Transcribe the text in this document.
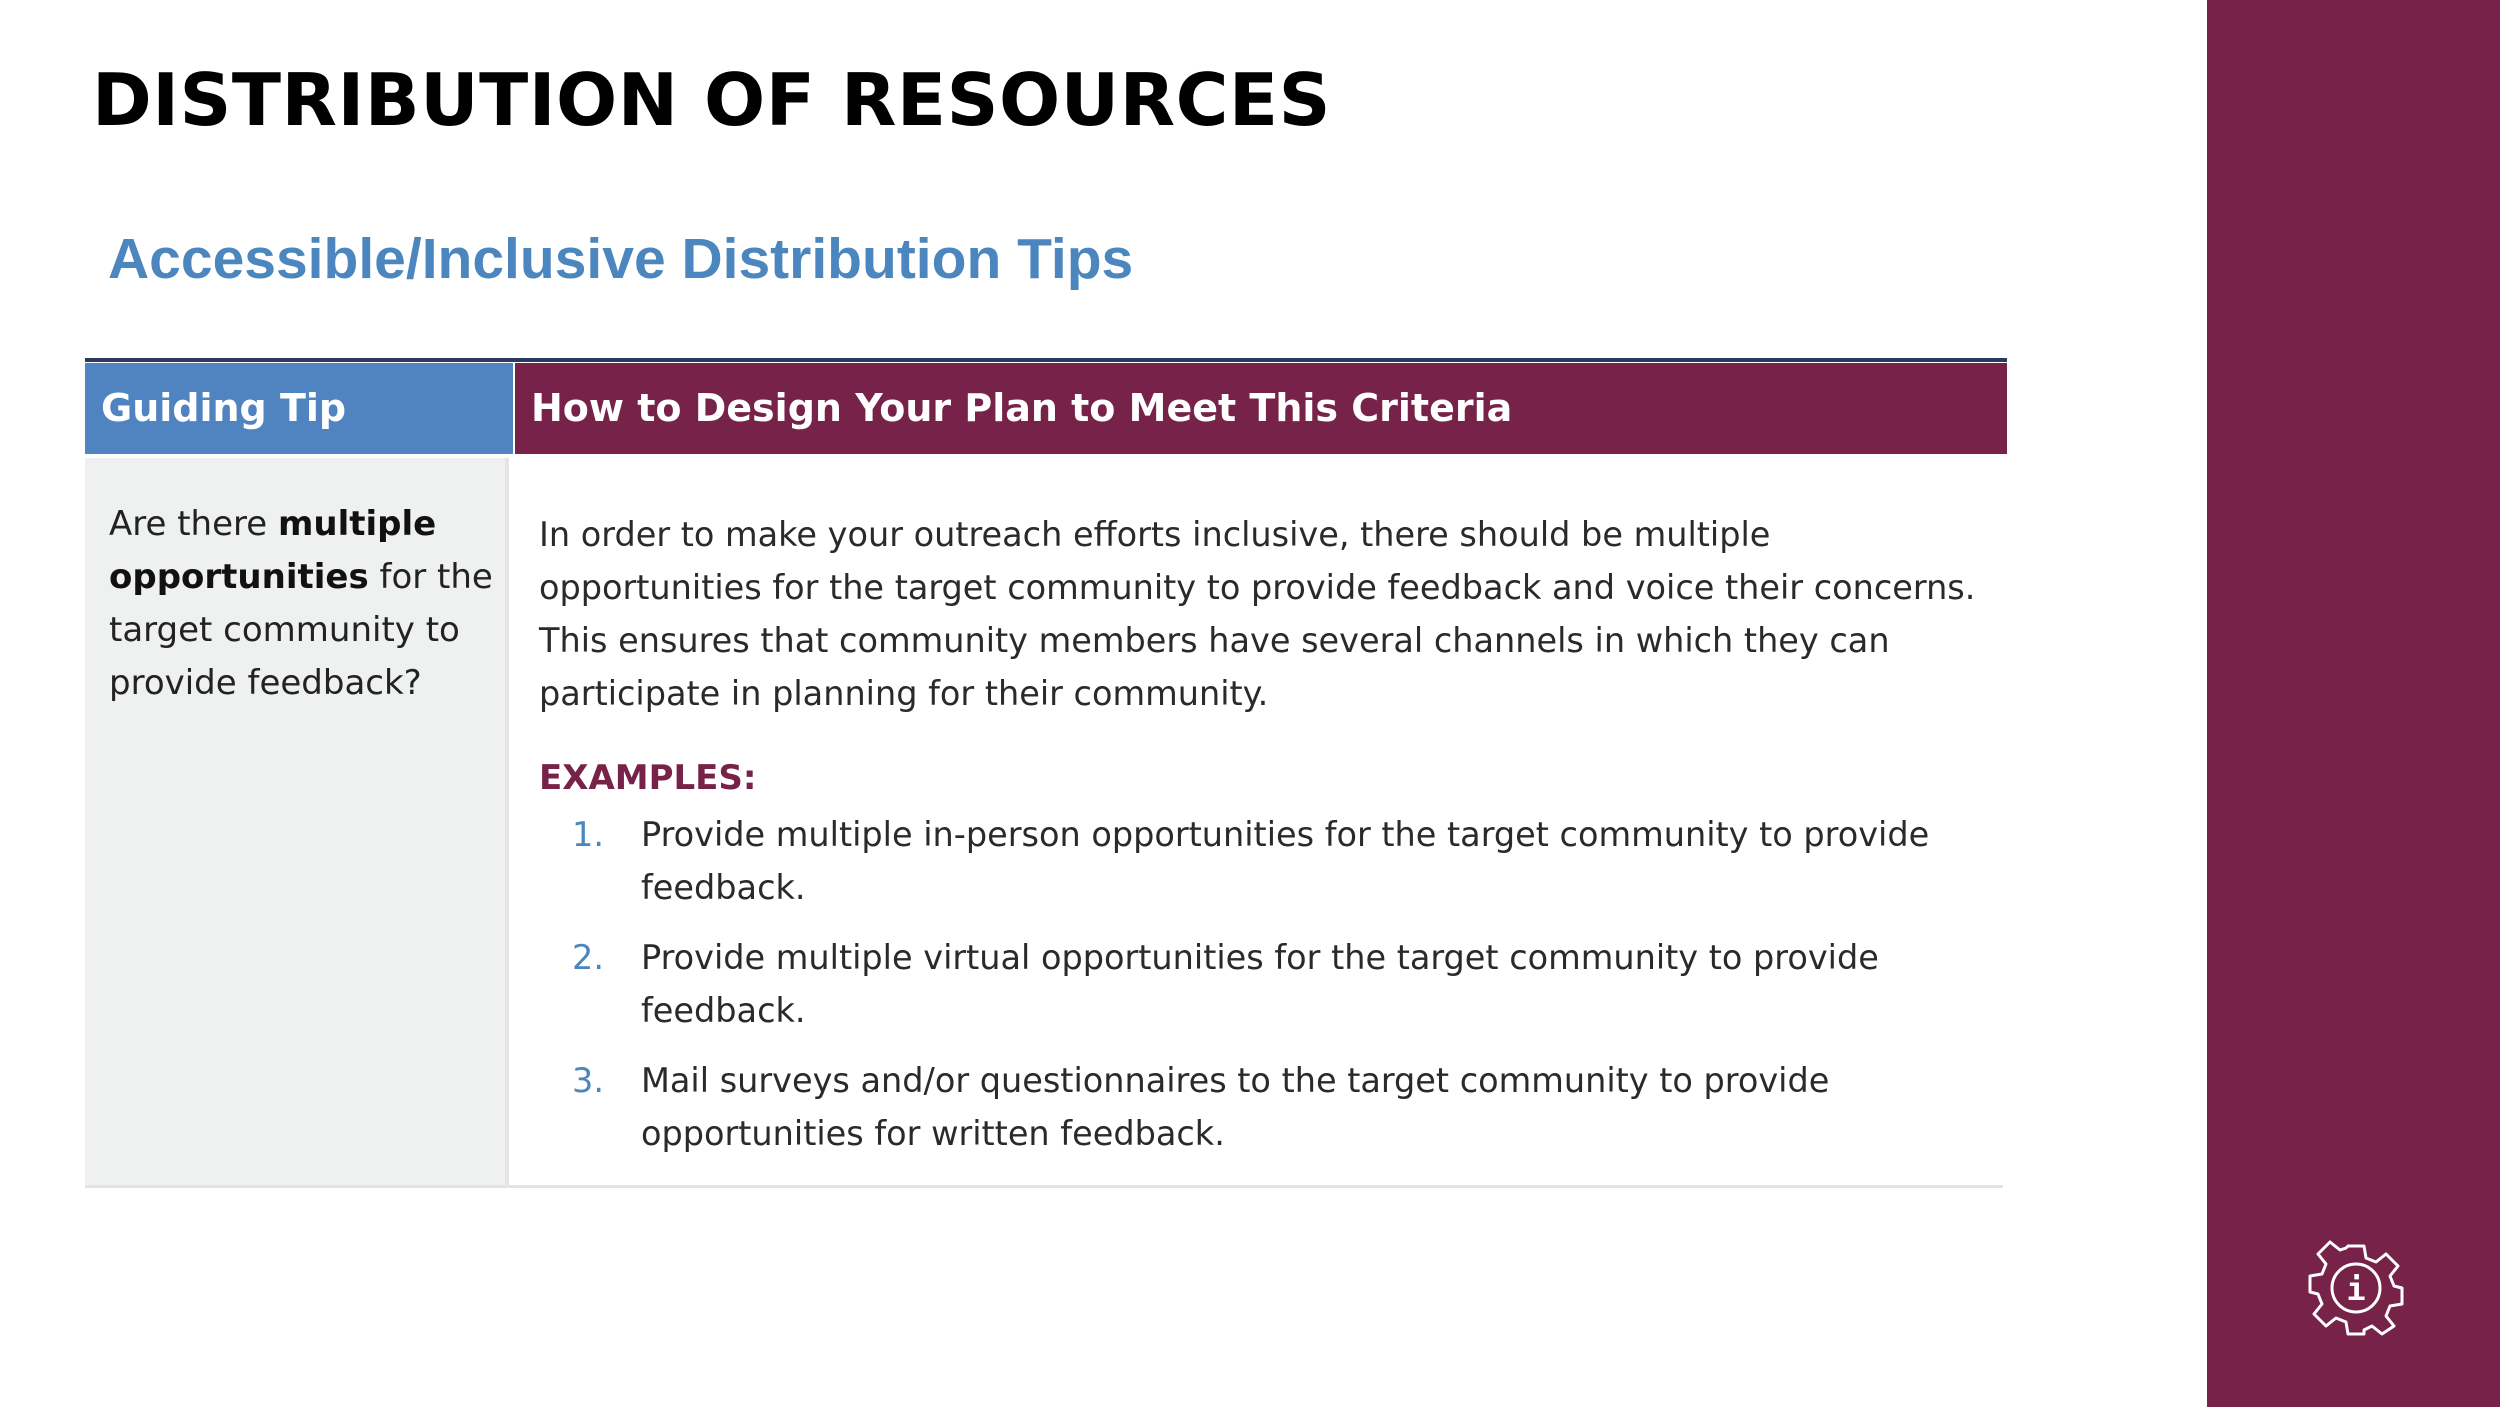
DISTRIBUTION OF RESOURCES
Accessible/Inclusive Distribution Tips
Guiding Tip	How to Design Your Plan to Meet This Criteria
Are there multiple opportunities for the target community to provide feedback?
In order to make your outreach efforts inclusive, there should be multiple opportunities for the target community to provide feedback and voice their concerns. This ensures that community members have several channels in which they can participate in planning for their community.
EXAMPLES:
1. Provide multiple in-person opportunities for the target community to provide feedback.
2. Provide multiple virtual opportunities for the target community to provide feedback.
3. Mail surveys and/or questionnaires to the target community to provide opportunities for written feedback.
i
